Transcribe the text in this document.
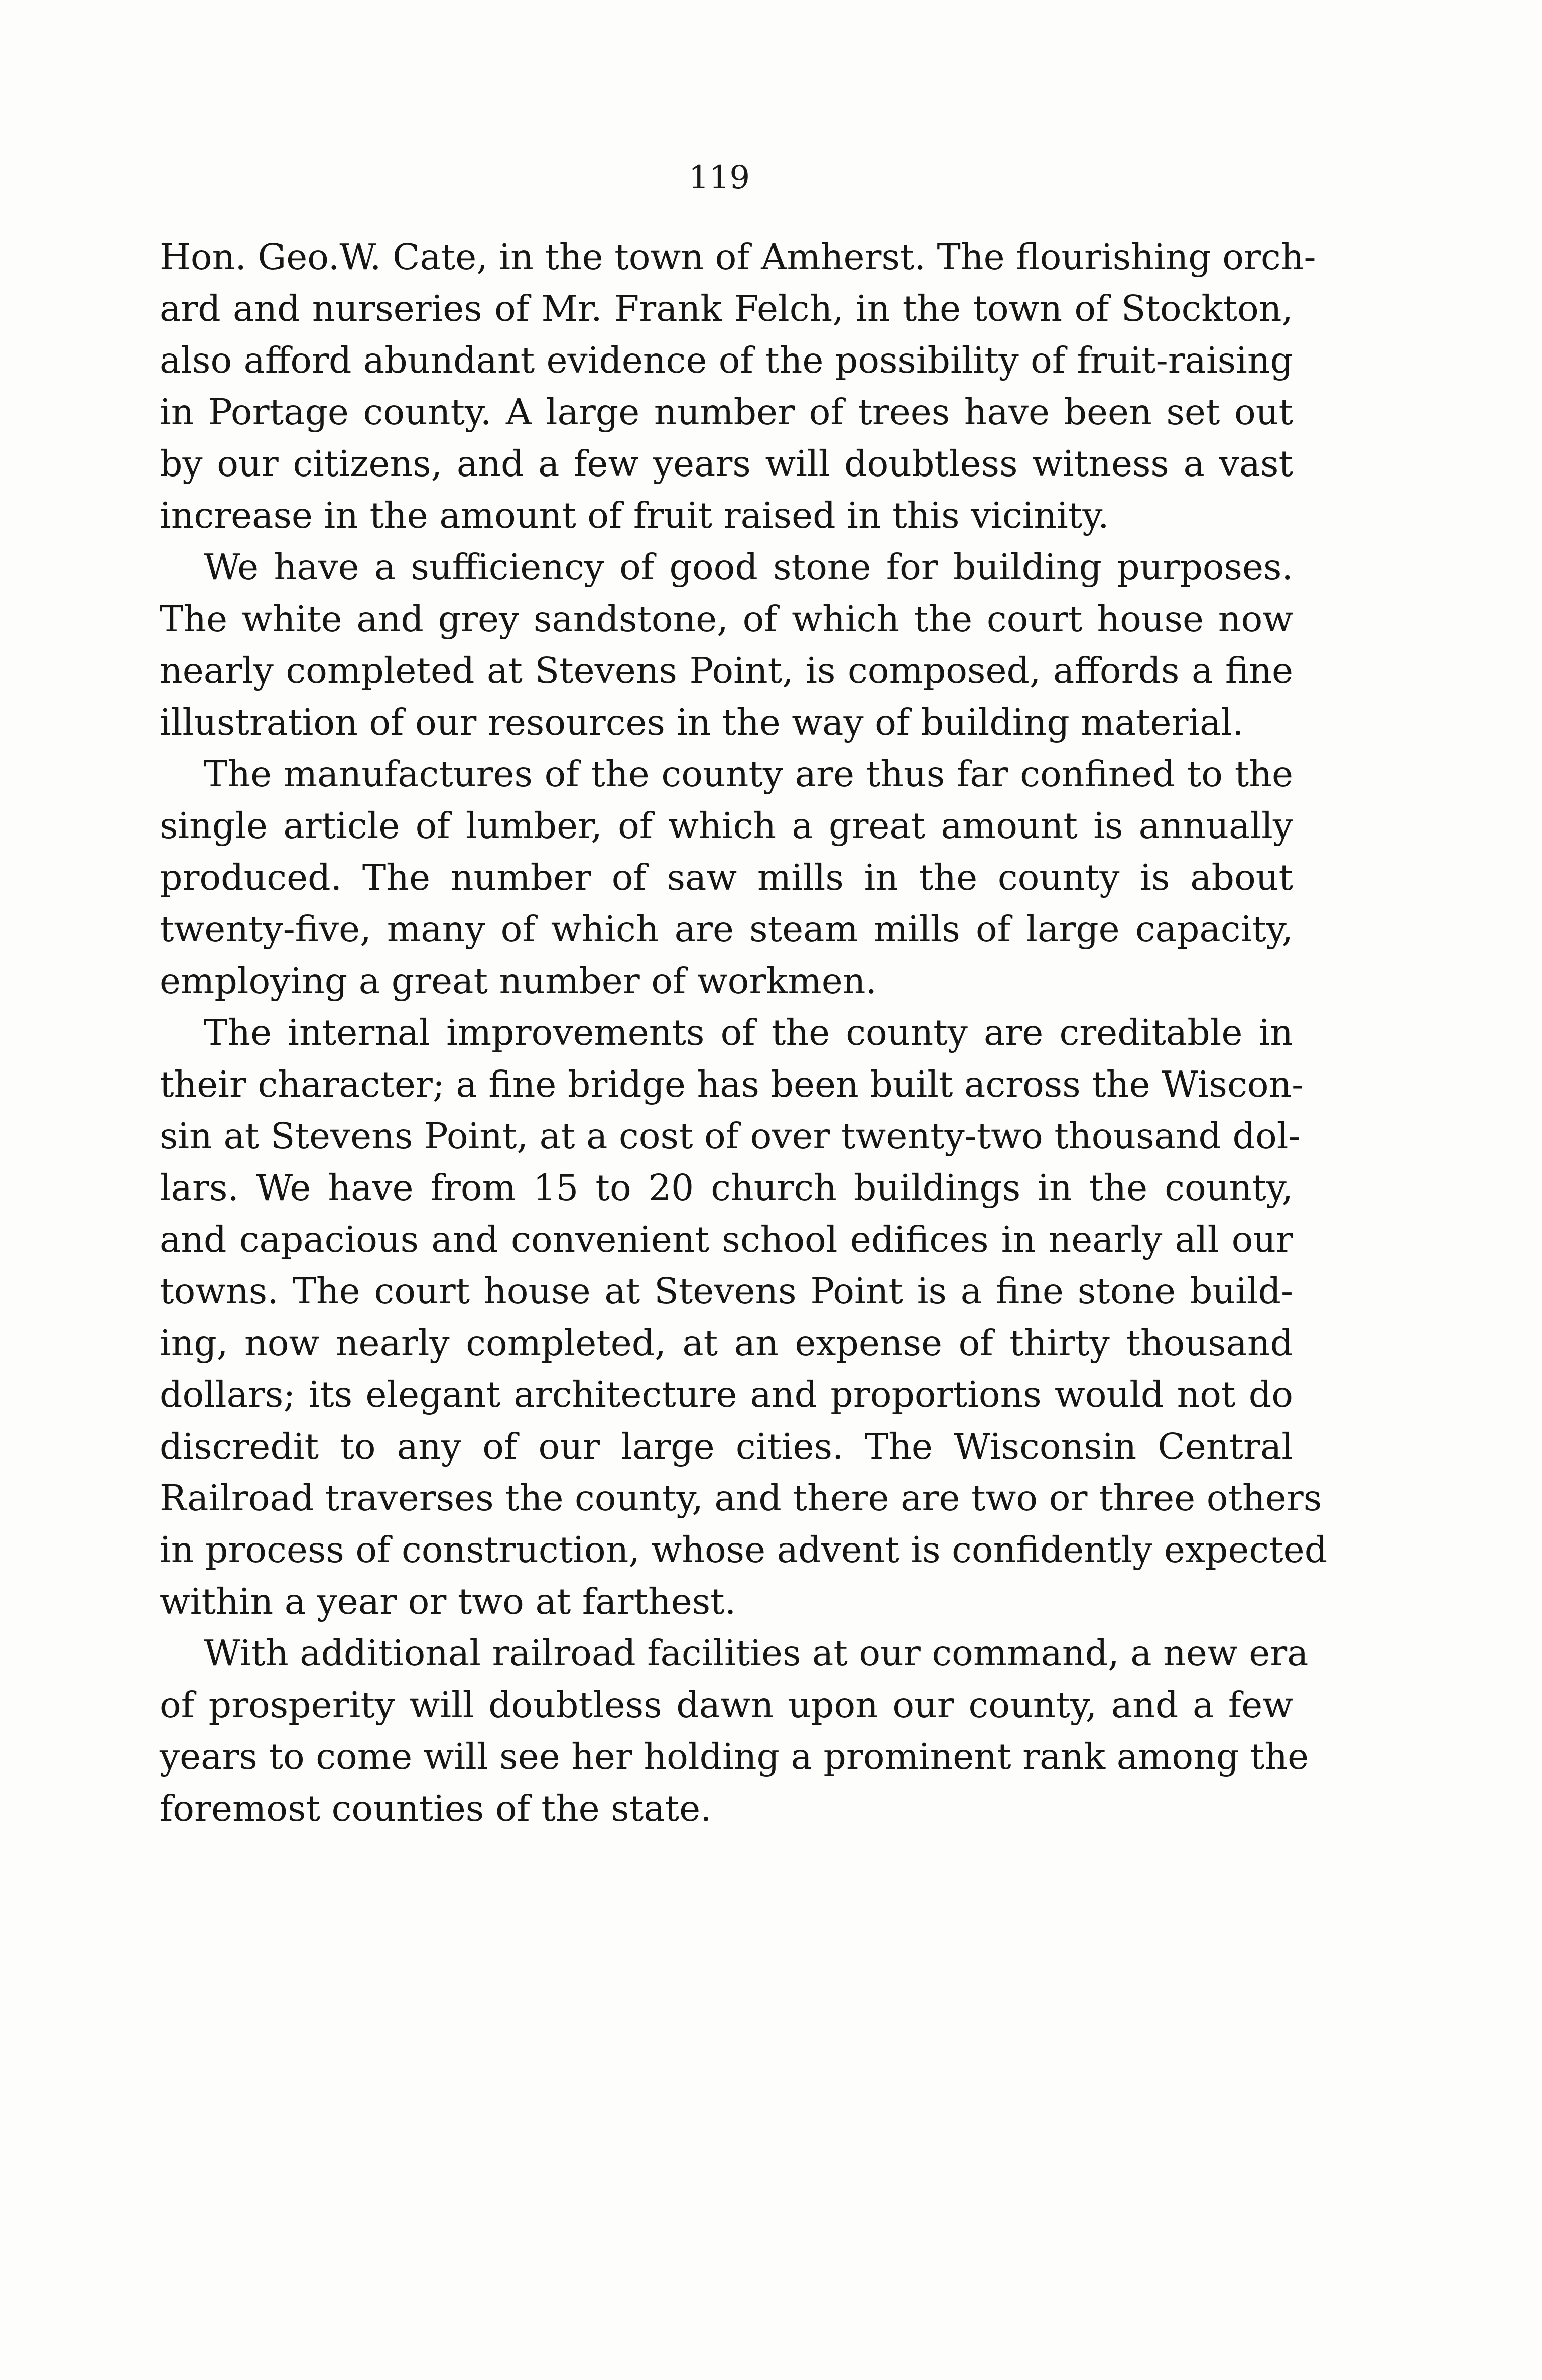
119
Hon. Geo.W. Cate, in the town of Amherst. The flourishing orch-
ard and nurseries of Mr. Frank Felch, in the town of Stockton,
also afford abundant evidence of the possibility of fruit-raising
in Portage county. A large number of trees have been set out
by our citizens, and a few years will doubtless witness a vast
increase in the amount of fruit raised in this vicinity.
We have a sufficiency of good stone for building purposes.
The white and grey sandstone, of which the court house now
nearly completed at Stevens Point, is composed, affords a fine
illustration of our resources in the way of building material.
The manufactures of the county are thus far confined to the
single article of lumber, of which a great amount is annually
produced. The number of saw mills in the county is about
twenty-five, many of which are steam mills of large capacity,
employing a great number of workmen.
The internal improvements of the county are creditable in
their character; a fine bridge has been built across the Wiscon-
sin at Stevens Point, at a cost of over twenty-two thousand dol-
lars. We have from 15 to 20 church buildings in the county,
and capacious and convenient school edifices in nearly all our
towns. The court house at Stevens Point is a fine stone build-
ing, now nearly completed, at an expense of thirty thousand
dollars; its elegant architecture and proportions would not do
discredit to any of our large cities. The Wisconsin Central
Railroad traverses the county, and there are two or three others
in process of construction, whose advent is confidently expected
within a year or two at farthest.
With additional railroad facilities at our command, a new era
of prosperity will doubtless dawn upon our county, and a few
years to come will see her holding a prominent rank among the
foremost counties of the state.
